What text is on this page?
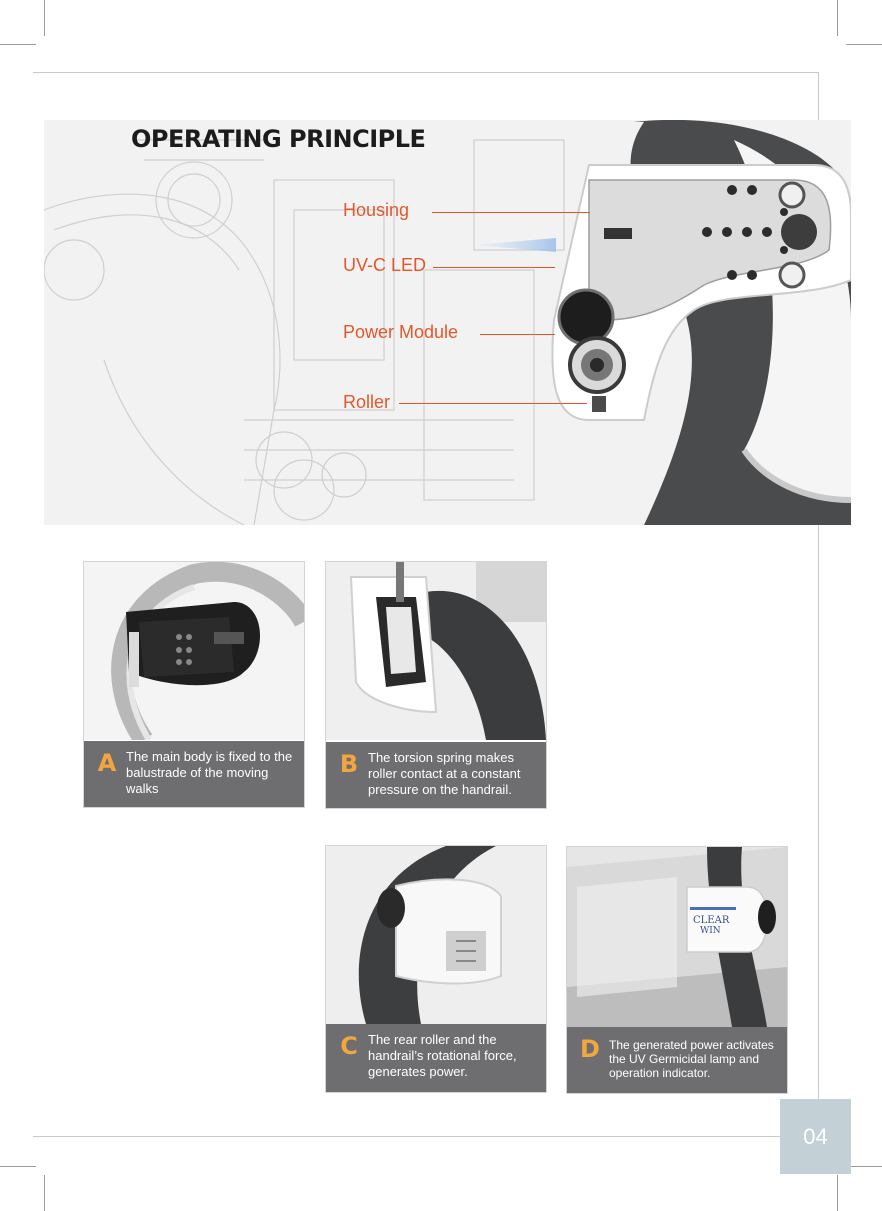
OPERATING PRINCIPLE
Housing
UV-C LED
Power Module
Roller
A The main body is fixed to the balustrade of the moving walks
B The torsion spring makes roller contact at a constant pressure on the handrail.
C The rear roller and the handrail’s rotational force, generates power.
CLEAR
WIN
D The generated power activates the UV Germicidal lamp and operation indicator.
04
